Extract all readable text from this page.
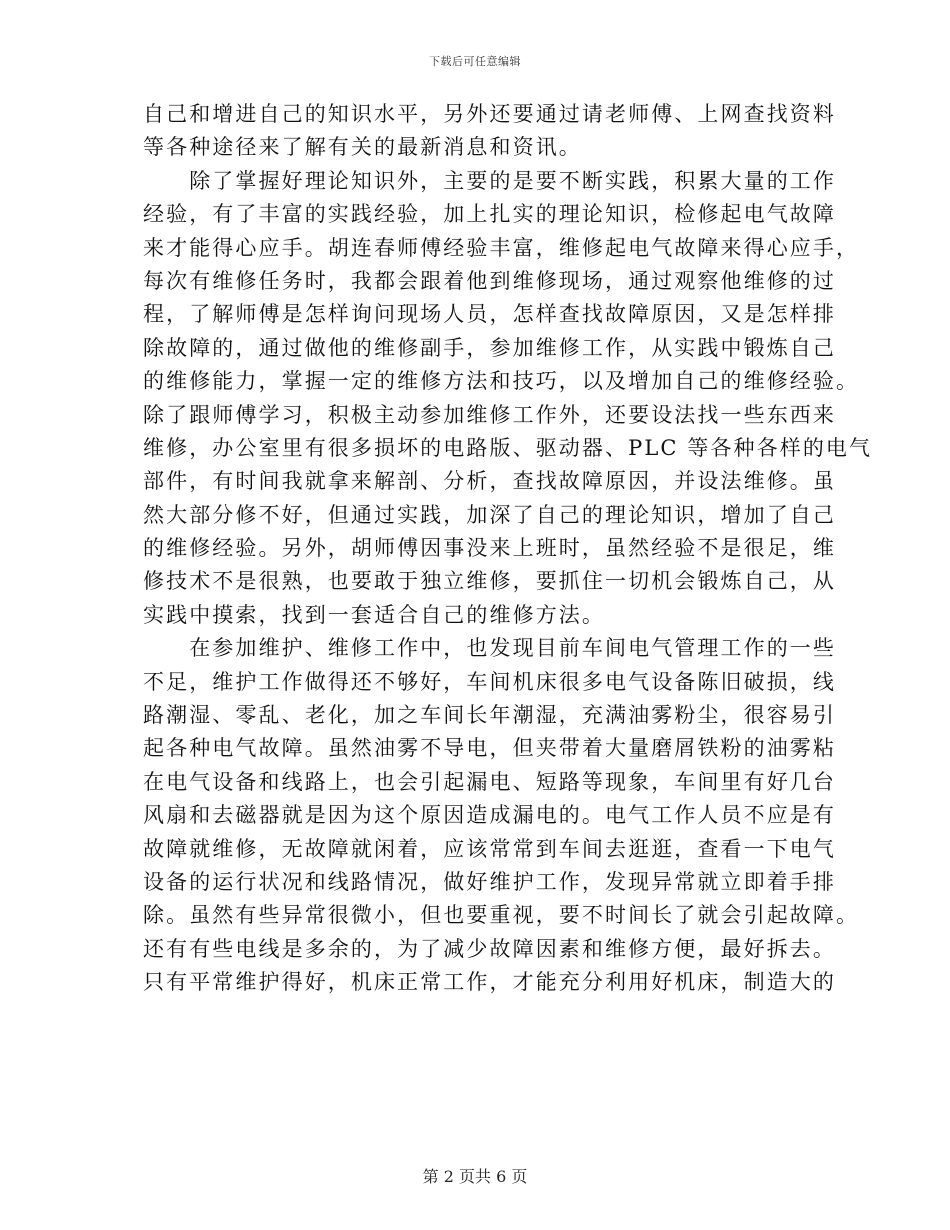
下载后可任意编辑
自己和增进自己的知识水平，另外还要通过请老师傅、上网查找资料
等各种途径来了解有关的最新消息和资讯。
　　除了掌握好理论知识外，主要的是要不断实践，积累大量的工作
经验，有了丰富的实践经验，加上扎实的理论知识，检修起电气故障
来才能得心应手。胡连春师傅经验丰富，维修起电气故障来得心应手，
每次有维修任务时，我都会跟着他到维修现场，通过观察他维修的过
程，了解师傅是怎样询问现场人员，怎样查找故障原因，又是怎样排
除故障的，通过做他的维修副手，参加维修工作，从实践中锻炼自己
的维修能力，掌握一定的维修方法和技巧，以及增加自己的维修经验。
除了跟师傅学习，积极主动参加维修工作外，还要设法找一些东西来
维修，办公室里有很多损坏的电路版、驱动器、PLC 等各种各样的电气
部件，有时间我就拿来解剖、分析，查找故障原因，并设法维修。虽
然大部分修不好，但通过实践，加深了自己的理论知识，增加了自己
的维修经验。另外，胡师傅因事没来上班时，虽然经验不是很足，维
修技术不是很熟，也要敢于独立维修，要抓住一切机会锻炼自己，从
实践中摸索，找到一套适合自己的维修方法。
　　在参加维护、维修工作中，也发现目前车间电气管理工作的一些
不足，维护工作做得还不够好，车间机床很多电气设备陈旧破损，线
路潮湿、零乱、老化，加之车间长年潮湿，充满油雾粉尘，很容易引
起各种电气故障。虽然油雾不导电，但夹带着大量磨屑铁粉的油雾粘
在电气设备和线路上，也会引起漏电、短路等现象，车间里有好几台
风扇和去磁器就是因为这个原因造成漏电的。电气工作人员不应是有
故障就维修，无故障就闲着，应该常常到车间去逛逛，查看一下电气
设备的运行状况和线路情况，做好维护工作，发现异常就立即着手排
除。虽然有些异常很微小，但也要重视，要不时间长了就会引起故障。
还有有些电线是多余的，为了减少故障因素和维修方便，最好拆去。
只有平常维护得好，机床正常工作，才能充分利用好机床，制造大的
第 2 页共 6 页
